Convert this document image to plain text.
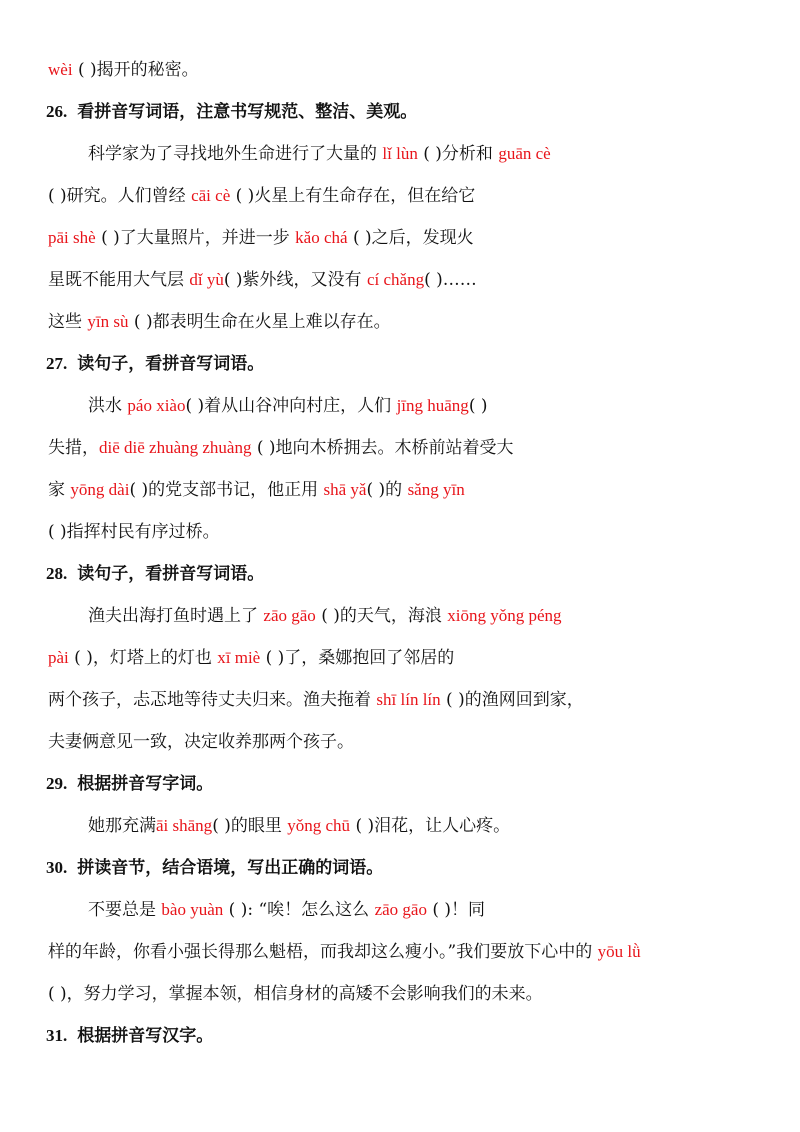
wèi ( )揭开的秘密。
26. 看拼音写词语，注意书写规范、整洁、美观。
科学家为了寻找地外生命进行了大量的 lǐ lùn ( )分析和 guān cè
( )研究。人们曾经 cāi cè ( )火星上有生命存在，但在给它
pāi shè ( )了大量照片，并进一步 kǎo chá ( )之后，发现火
星既不能用大气层 dǐ yù( )紫外线，又没有 cí chǎng( )……
这些 yīn sù ( )都表明生命在火星上难以存在。
27. 读句子，看拼音写词语。
洪水 páo xiào( )着从山谷冲向村庄，人们 jīng huāng( )
失措，diē diē zhuàng zhuàng ( )地向木桥拥去。木桥前站着受大
家 yōng dài( )的党支部书记，他正用 shā yǎ( )的 sǎng yīn
( )指挥村民有序过桥。
28. 读句子，看拼音写词语。
渔夫出海打鱼时遇上了 zāo gāo ( )的天气，海浪 xiōng yǒng péng
pài ( )，灯塔上的灯也 xī miè ( )了，桑娜抱回了邻居的
两个孩子，忐忑地等待丈夫归来。渔夫拖着 shī lín lín ( )的渔网回到家，
夫妻俩意见一致，决定收养那两个孩子。
29. 根据拼音写字词。
她那充满āi shāng( )的眼里 yǒng chū ( )泪花，让人心疼。
30. 拼读音节，结合语境，写出正确的词语。
不要总是 bào yuàn ( ): “唉！怎么这么 zāo gāo ( )！同
样的年龄，你看小强长得那么魁梧，而我却这么瘦小。”我们要放下心中的 yōu lǜ
( )，努力学习，掌握本领，相信身材的高矮不会影响我们的未来。
31. 根据拼音写汉字。
